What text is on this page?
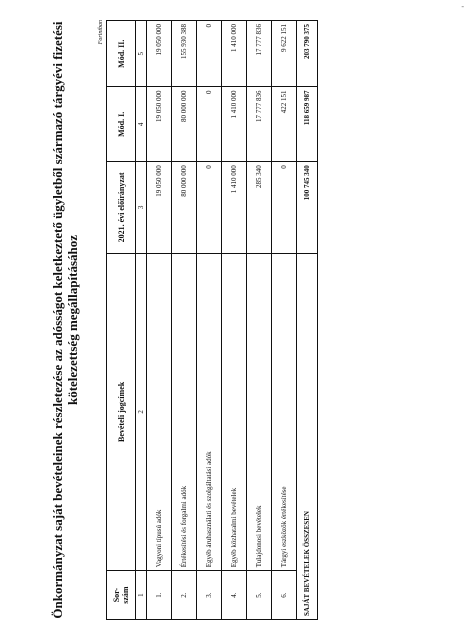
-
Önkormányzat saját bevételeinek részletezése az adósságot keletkeztető ügyletből származó tárgyévi fizetési kötelezettség megállapításához
Forintban
Sor-
szám	Bevételi jogcímek	2021. évi előirányzat	Mód. I.	Mód. II.
1	2	3	4	5
1.	Vagyoni típusú adók	19 050 000	19 050 000	19 050 000
2.	Értékesítési és forgalmi adók	80 000 000	80 000 000	155 930 388
3.	Egyéb áruhasználati és szolgáltatási adók	0	0	0
4.	Egyéb közhatalmi bevételek	1 410 000	1 410 000	1 410 000
5.	Tulajdonosi bevételek	285 340	17 777 836	17 777 836
6.	Tárgyi eszközök értékesítése	0	422 151	9 622 151
SAJÁT BEVÉTELEK ÖSSZESEN		100 745 340	118 659 987	203 790 375
